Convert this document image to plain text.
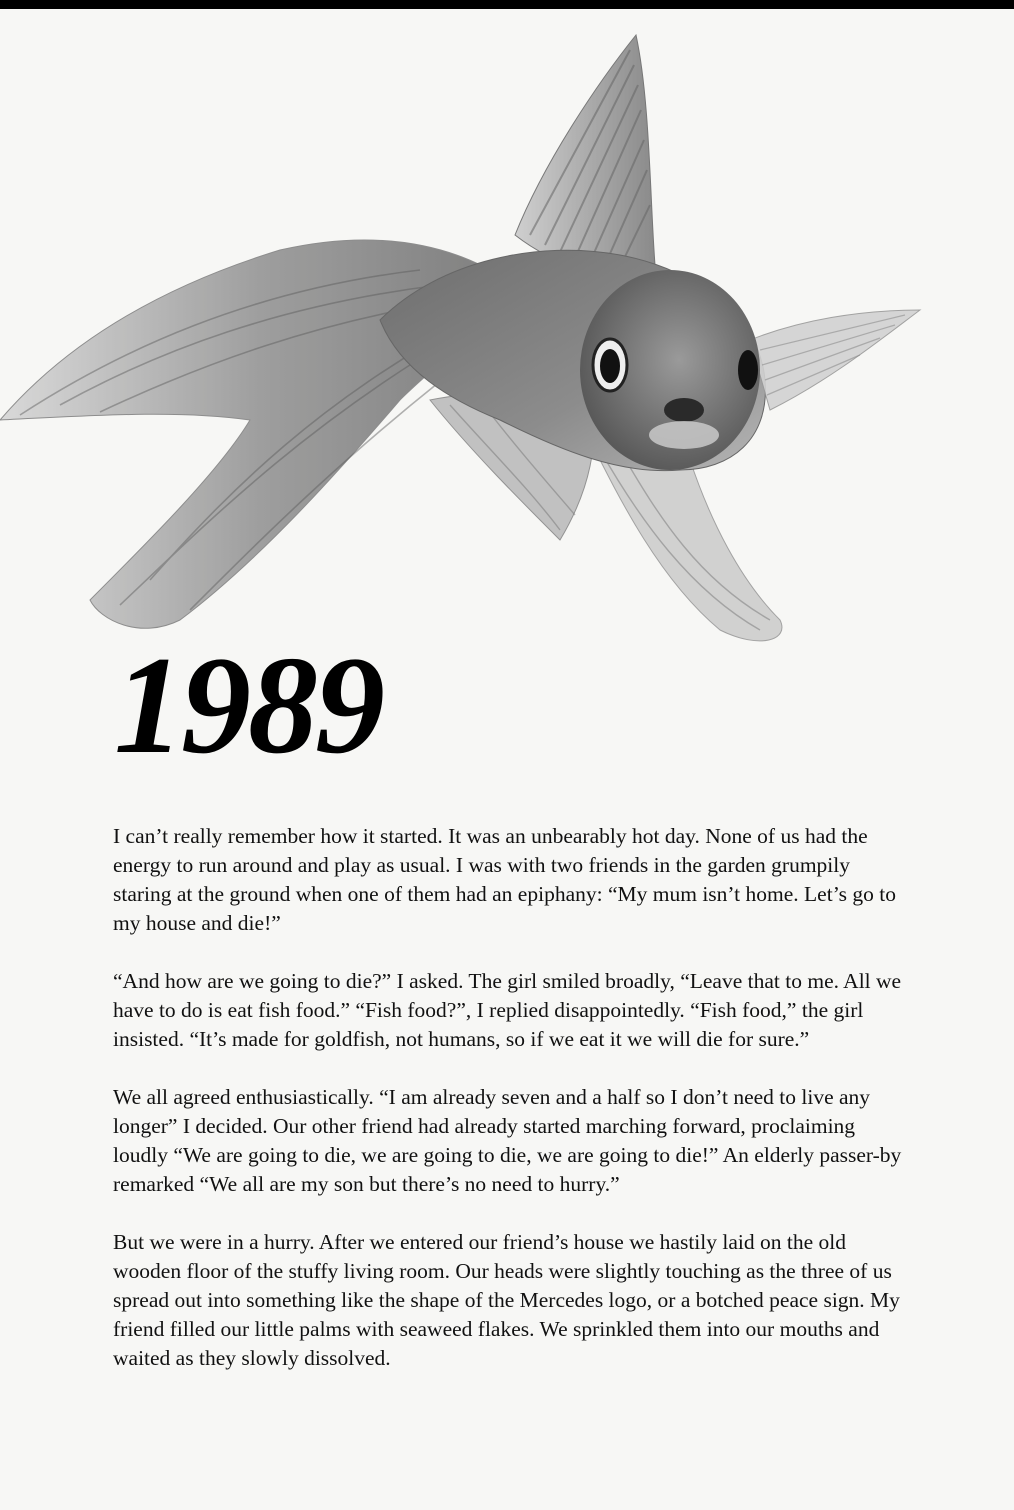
1989

I can’t really remember how it started. It was an unbearably hot day. None of us had the energy to run around and play as usual. I was with two friends in the garden grumpily staring at the ground when one of them had an epiphany: “My mum isn’t home. Let’s go to my house and die!”

“And how are we going to die?” I asked. The girl smiled broadly, “Leave that to me. All we have to do is eat fish food.” “Fish food?”, I replied disappointedly. “Fish food,” the girl insisted. “It’s made for goldfish, not humans, so if we eat it we will die for sure.”

We all agreed enthusiastically. “I am already seven and a half so I don’t need to live any longer” I decided. Our other friend had already started marching forward, proclaiming loudly “We are going to die, we are going to die, we are going to die!” An elderly passer-by remarked “We all are my son but there’s no need to hurry.”

But we were in a hurry. After we entered our friend’s house we hastily laid on the old wooden floor of the stuffy living room. Our heads were slightly touching as the three of us spread out into something like the shape of the Mercedes logo, or a botched peace sign. My friend filled our little palms with seaweed flakes. We sprinkled them into our mouths and waited as they slowly dissolved.
